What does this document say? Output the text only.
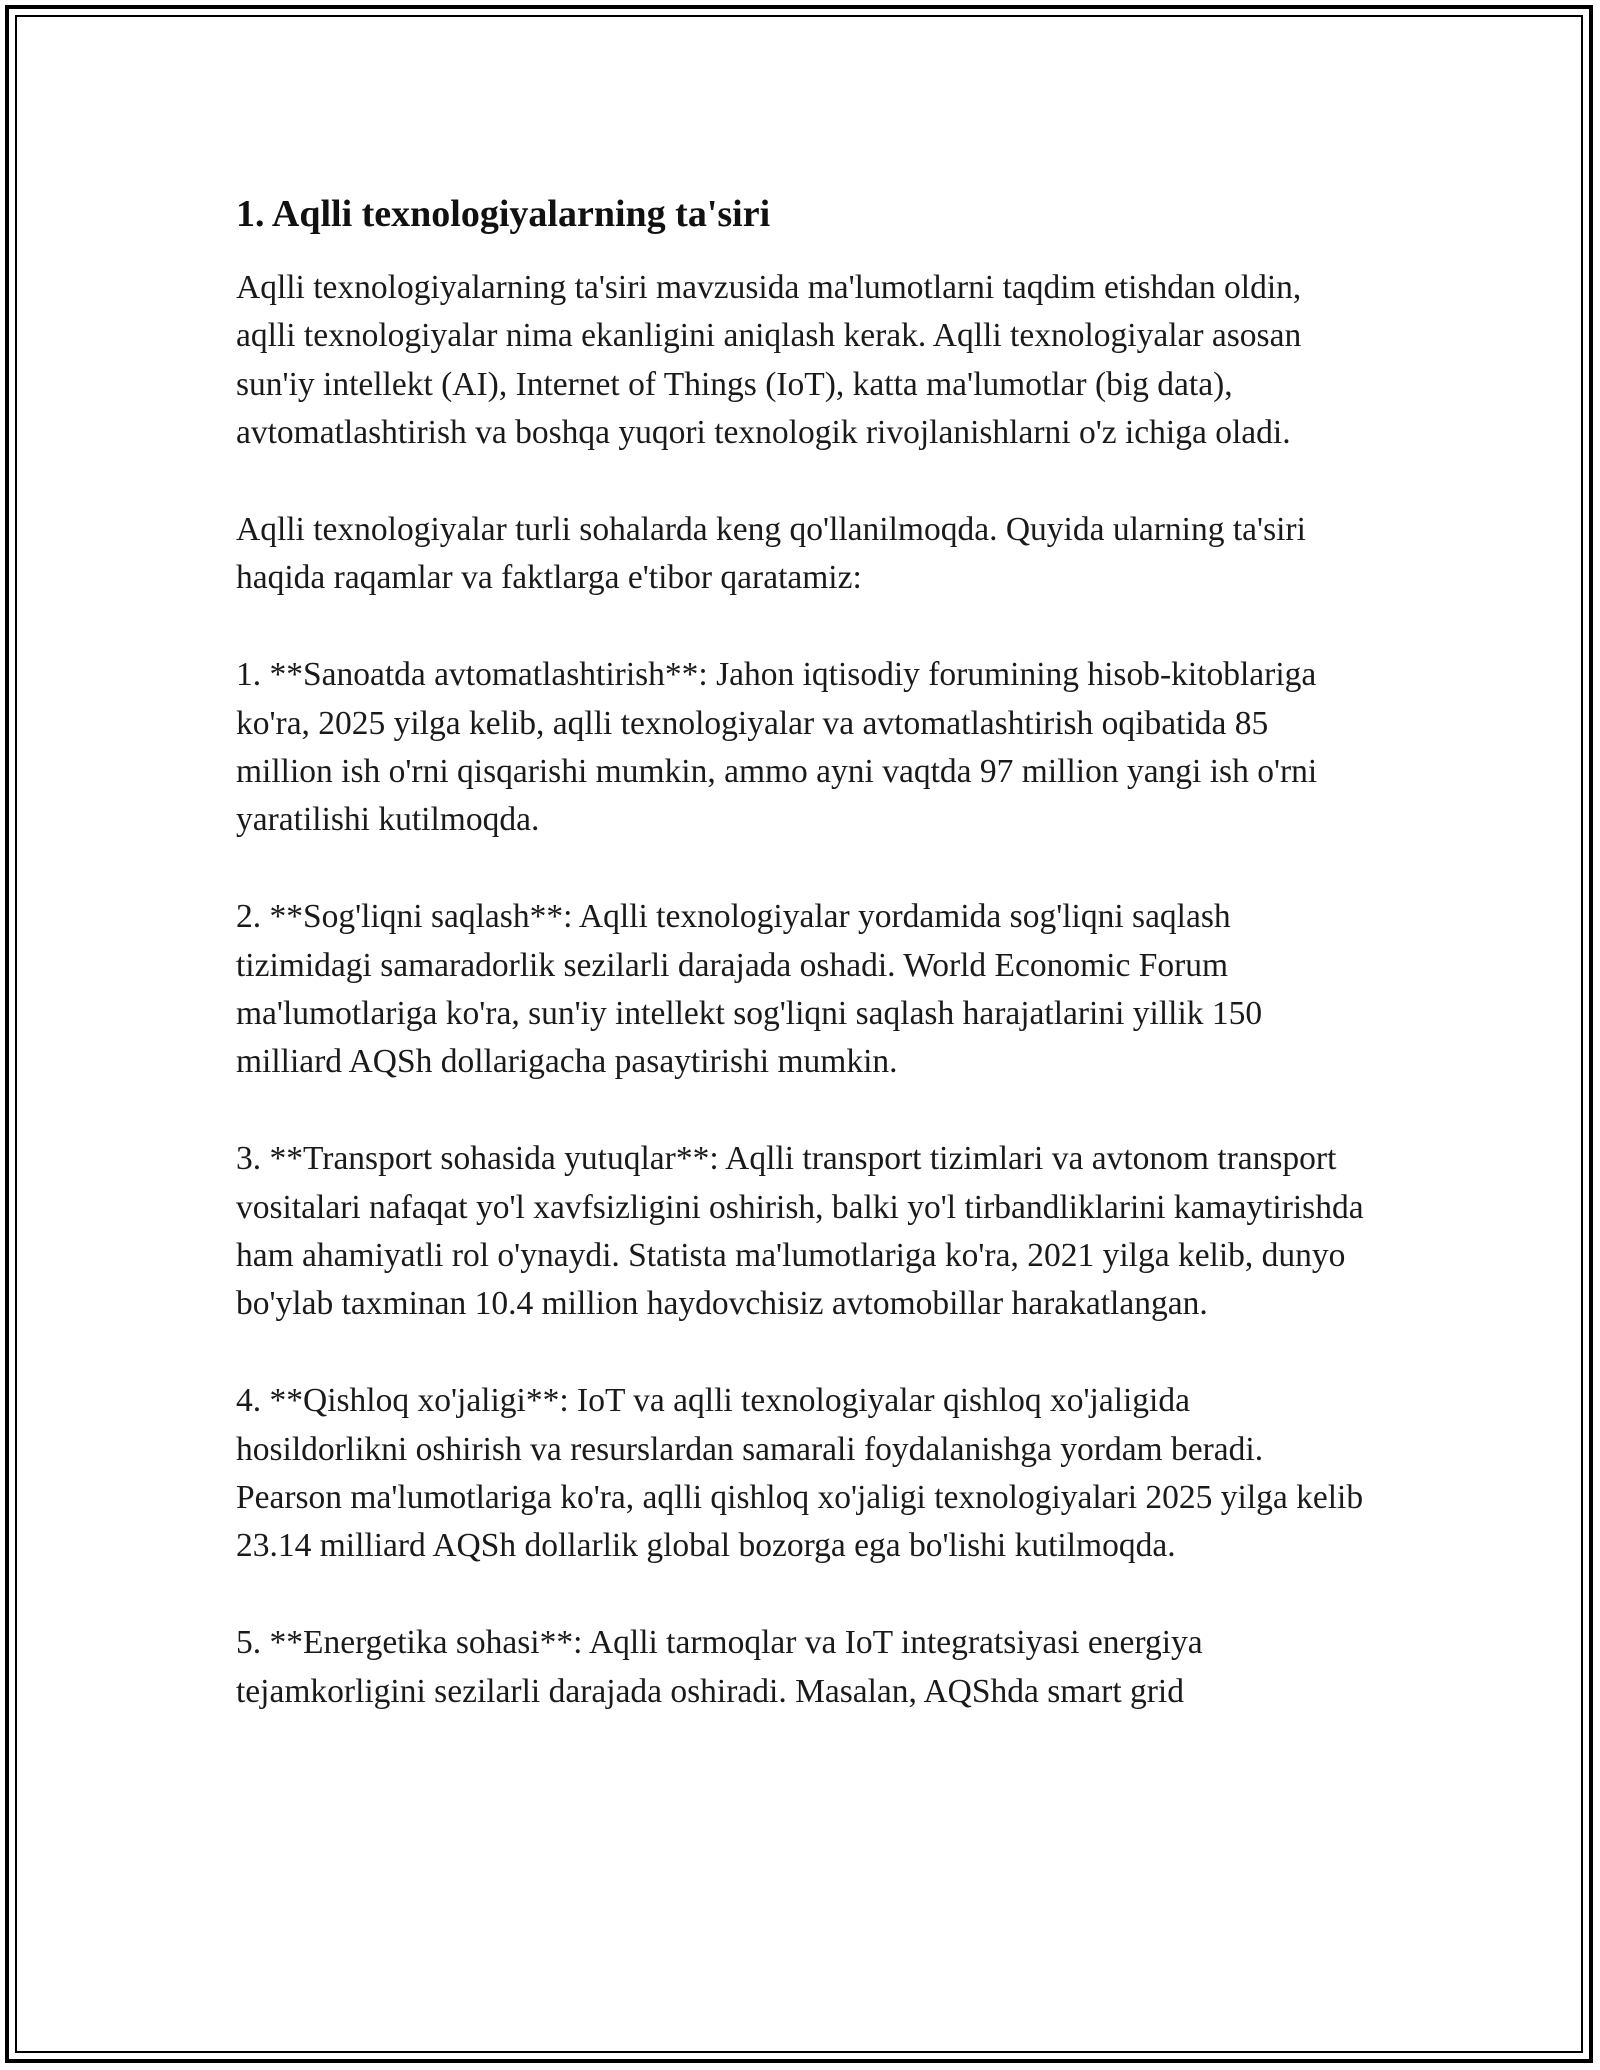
1. Aqlli texnologiyalarning ta'siri

Aqlli texnologiyalarning ta'siri mavzusida ma'lumotlarni taqdim etishdan oldin, aqlli texnologiyalar nima ekanligini aniqlash kerak. Aqlli texnologiyalar asosan sun'iy intellekt (AI), Internet of Things (IoT), katta ma'lumotlar (big data), avtomatlashtirish va boshqa yuqori texnologik rivojlanishlarni o'z ichiga oladi.

Aqlli texnologiyalar turli sohalarda keng qo'llanilmoqda. Quyida ularning ta'siri haqida raqamlar va faktlarga e'tibor qaratamiz:

1. **Sanoatda avtomatlashtirish**: Jahon iqtisodiy forumining hisob-kitoblariga ko'ra, 2025 yilga kelib, aqlli texnologiyalar va avtomatlashtirish oqibatida 85 million ish o'rni qisqarishi mumkin, ammo ayni vaqtda 97 million yangi ish o'rni yaratilishi kutilmoqda.

2. **Sog'liqni saqlash**: Aqlli texnologiyalar yordamida sog'liqni saqlash tizimidagi samaradorlik sezilarli darajada oshadi. World Economic Forum ma'lumotlariga ko'ra, sun'iy intellekt sog'liqni saqlash harajatlarini yillik 150 milliard AQSh dollarigacha pasaytirishi mumkin.

3. **Transport sohasida yutuqlar**: Aqlli transport tizimlari va avtonom transport vositalari nafaqat yo'l xavfsizligini oshirish, balki yo'l tirbandliklarini kamaytirishda ham ahamiyatli rol o'ynaydi. Statista ma'lumotlariga ko'ra, 2021 yilga kelib, dunyo bo'ylab taxminan 10.4 million haydovchisiz avtomobillar harakatlangan.

4. **Qishloq xo'jaligi**: IoT va aqlli texnologiyalar qishloq xo'jaligida hosildorlikni oshirish va resurslardan samarali foydalanishga yordam beradi. Pearson ma'lumotlariga ko'ra, aqlli qishloq xo'jaligi texnologiyalari 2025 yilga kelib 23.14 milliard AQSh dollarlik global bozorga ega bo'lishi kutilmoqda.

5. **Energetika sohasi**: Aqlli tarmoqlar va IoT integratsiyasi energiya tejamkorligini sezilarli darajada oshiradi. Masalan, AQShda smart grid
